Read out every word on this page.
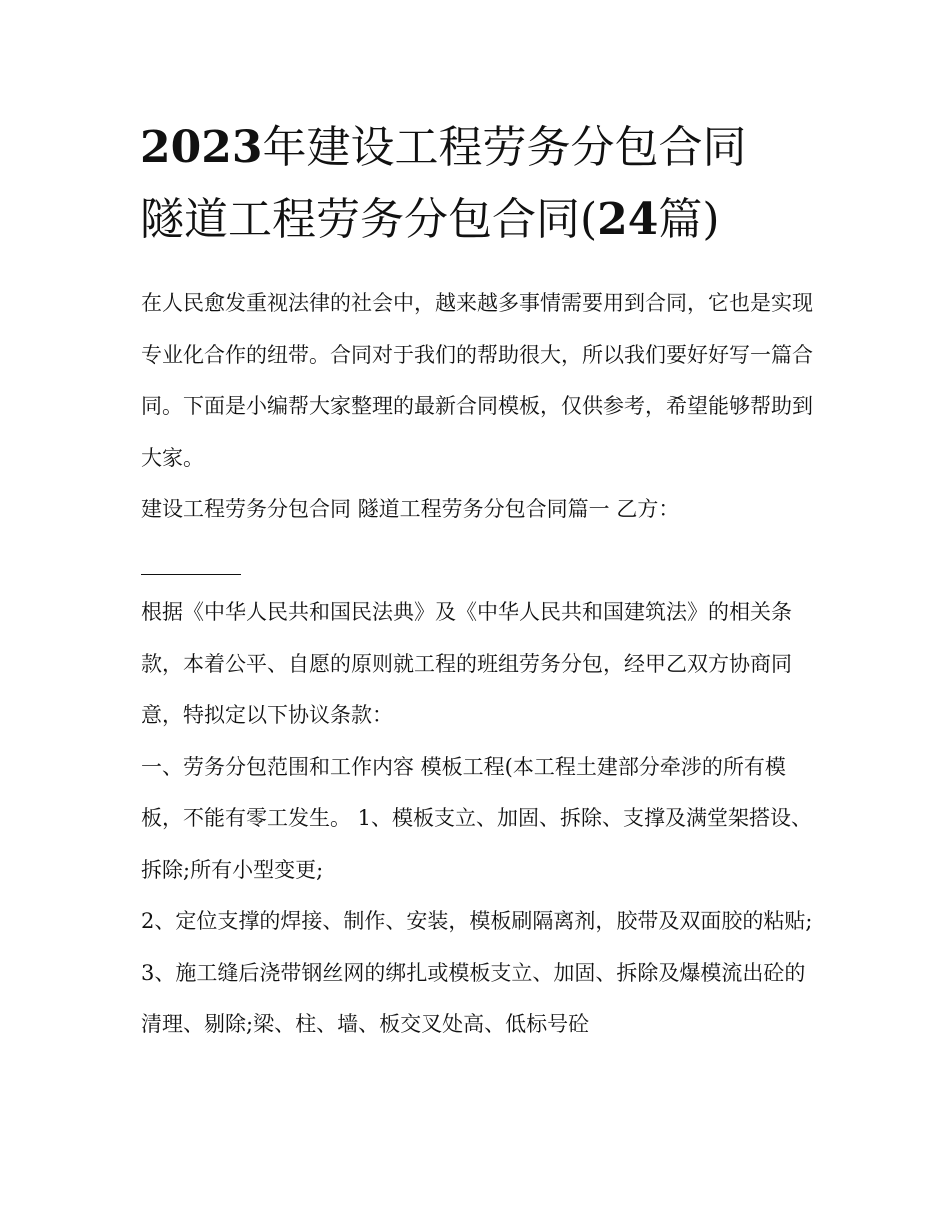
2023年建设工程劳务分包合同
隧道工程劳务分包合同(24篇)

在人民愈发重视法律的社会中，越来越多事情需要用到合同，它也是实现专业化合作的纽带。合同对于我们的帮助很大，所以我们要好好写一篇合同。下面是小编帮大家整理的最新合同模板，仅供参考，希望能够帮助到大家。

建设工程劳务分包合同 隧道工程劳务分包合同篇一 乙方：

根据《中华人民共和国民法典》及《中华人民共和国建筑法》的相关条款，本着公平、自愿的原则就工程的班组劳务分包，经甲乙双方协商同意，特拟定以下协议条款：

一、劳务分包范围和工作内容 模板工程(本工程土建部分牵涉的所有模板，不能有零工发生。 1、模板支立、加固、拆除、支撑及满堂架搭设、拆除;所有小型变更;

2、定位支撑的焊接、制作、安装，模板刷隔离剂，胶带及双面胶的粘贴;

3、施工缝后浇带钢丝网的绑扎或模板支立、加固、拆除及爆模流出砼的清理、剔除;梁、柱、墙、板交叉处高、低标号砼
